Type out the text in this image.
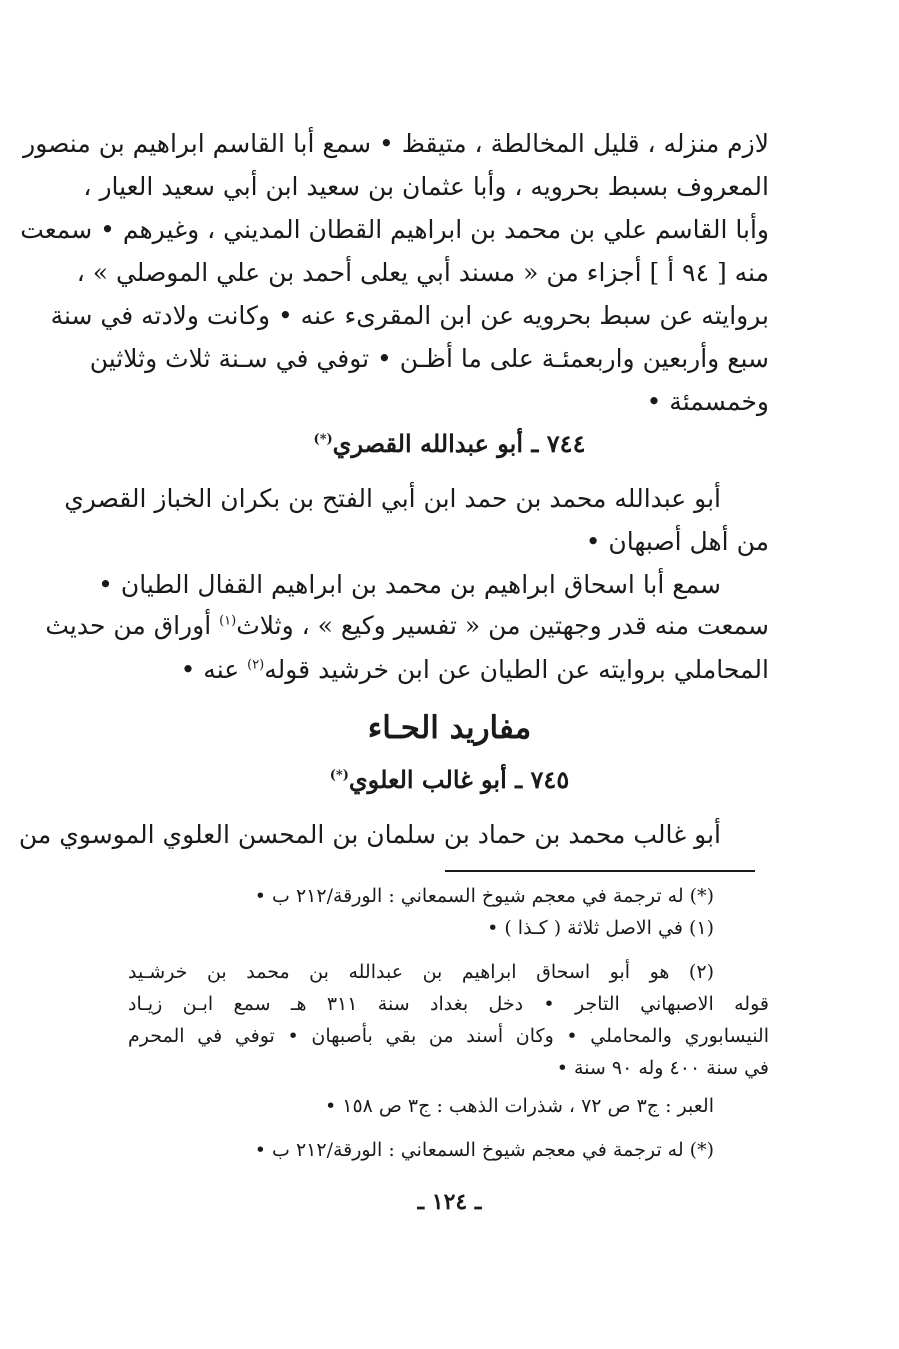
لازم منزله ، قليل المخالطة ، متيقظ • سمع أبا القاسم ابراهيم بن منصور
المعروف بسبط بحرويه ، وأبا عثمان بن سعيد ابن أبي سعيد العيار ،
وأبا القاسم علي بن محمد بن ابراهيم القطان المديني ، وغيرهم • سمعت
منه [ ٩٤ أ ] أجزاء من « مسند أبي يعلى أحمد بن علي الموصلي » ،
بروايته عن سبط بحرويه عن ابن المقرىء عنه • وكانت ولادته في سنة
سبع وأربعين واربعمئـة على ما أظـن • توفي في سـنة ثلاث وثلاثين
وخمسمئة •
٧٤٤ ـ أبو عبدالله القصري(*)
أبو عبدالله محمد بن حمد ابن أبي الفتح بن بكران الخباز القصري
من أهل أصبهان •
سمع أبا اسحاق ابراهيم بن محمد بن ابراهيم القفال الطيان •
سمعت منه قدر وجهتين من « تفسير وكيع » ، وثلاث$^{(١)}$ أوراق من حديث
المحاملي بروايته عن الطيان عن ابن خرشيد قوله$^{(٢)}$ عنه •
مفاريد الحـاء
٧٤٥ ـ أبو غالب العلوي(*)
أبو غالب محمد بن حماد بن سلمان بن المحسن العلوي الموسوي من
(*) له ترجمة في معجم شيوخ السمعاني : الورقة/٢١٢ ب •
(١) في الاصل ثلاثة ( كـذا ) •
(٢) هو أبو اسحاق ابراهيم بن عبدالله بن محمد بن خرشـيد
قوله الاصبهاني التاجر • دخل بغداد سنة ٣١١ هـ سمع ابـن زيـاد
النيسابوري والمحاملي • وكان أسند من بقي بأصبهان • توفي في المحرم
في سنة ٤٠٠ وله ٩٠ سنة •
العبر : ج٣ ص ٧٢ ، شذرات الذهب : ج٣ ص ١٥٨ •
(*) له ترجمة في معجم شيوخ السمعاني : الورقة/٢١٢ ب •
ـ ١٢٤ ـ
